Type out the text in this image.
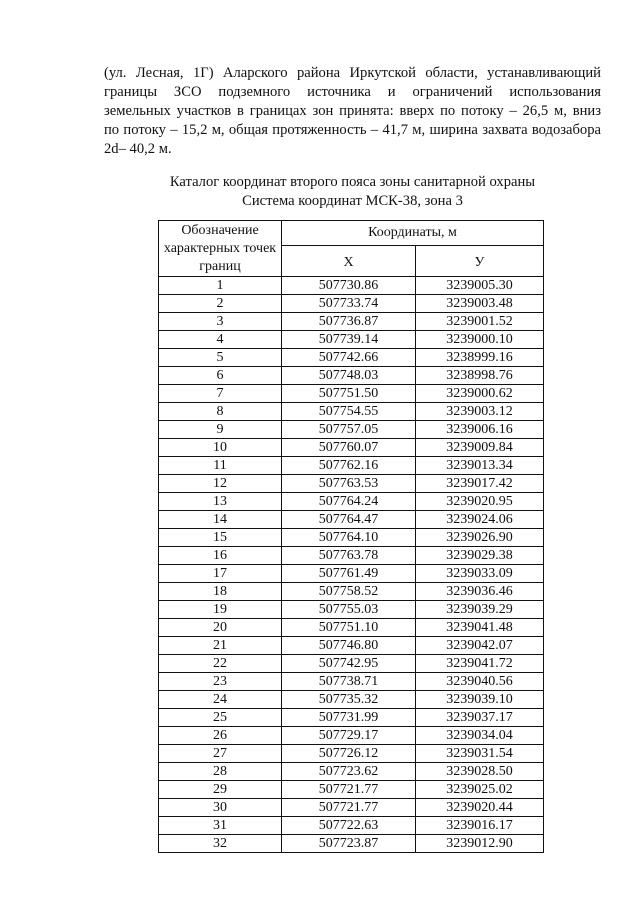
(ул. Лесная, 1Г) Аларского района Иркутской области, устанавливающий
границы ЗСО подземного источника и ограничений использования
земельных участков в границах зон принята: вверх по потоку – 26,5 м, вниз
по потоку – 15,2 м, общая протяженность – 41,7 м, ширина захвата водозабора
2d– 40,2 м.

Каталог координат второго пояса зоны санитарной охраны

Система координат МСК-38, зона 3

Обозначение характерных точек границ	Координаты, м	
	X	У
1	507730.86	3239005.30
2	507733.74	3239003.48
3	507736.87	3239001.52
4	507739.14	3239000.10
5	507742.66	3238999.16
6	507748.03	3238998.76
7	507751.50	3239000.62
8	507754.55	3239003.12
9	507757.05	3239006.16
10	507760.07	3239009.84
11	507762.16	3239013.34
12	507763.53	3239017.42
13	507764.24	3239020.95
14	507764.47	3239024.06
15	507764.10	3239026.90
16	507763.78	3239029.38
17	507761.49	3239033.09
18	507758.52	3239036.46
19	507755.03	3239039.29
20	507751.10	3239041.48
21	507746.80	3239042.07
22	507742.95	3239041.72
23	507738.71	3239040.56
24	507735.32	3239039.10
25	507731.99	3239037.17
26	507729.17	3239034.04
27	507726.12	3239031.54
28	507723.62	3239028.50
29	507721.77	3239025.02
30	507721.77	3239020.44
31	507722.63	3239016.17
32	507723.87	3239012.90
